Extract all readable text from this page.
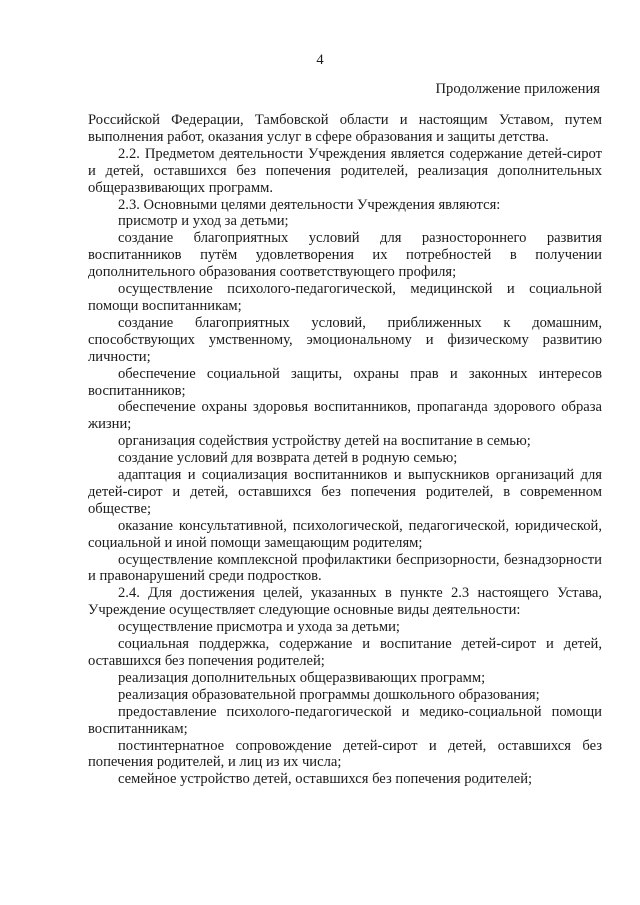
4
Продолжение приложения

Российской Федерации, Тамбовской области и настоящим Уставом, путем выполнения работ, оказания услуг в сфере образования и защиты детства.

2.2. Предметом деятельности Учреждения является содержание детей-сирот и детей, оставшихся без попечения родителей, реализация дополнительных общеразвивающих программ.

2.3. Основными целями деятельности Учреждения являются:

присмотр и уход за детьми;

создание благоприятных условий для разностороннего развития воспитанников путём удовлетворения их потребностей в получении дополнительного образования соответствующего профиля;

осуществление психолого-педагогической, медицинской и социальной помощи воспитанникам;

создание благоприятных условий, приближенных к домашним, способствующих умственному, эмоциональному и физическому развитию личности;

обеспечение социальной защиты, охраны прав и законных интересов воспитанников;

обеспечение охраны здоровья воспитанников, пропаганда здорового образа жизни;

организация содействия устройству детей на воспитание в семью;

создание условий для возврата детей в родную семью;

адаптация и социализация воспитанников и выпускников организаций для детей-сирот и детей, оставшихся без попечения родителей, в современном обществе;

оказание консультативной, психологической, педагогической, юридической, социальной и иной помощи замещающим родителям;

осуществление комплексной профилактики беспризорности, безнадзорности и правонарушений среди подростков.

2.4. Для достижения целей, указанных в пункте 2.3 настоящего Устава, Учреждение осуществляет следующие основные виды деятельности:

осуществление присмотра и ухода за детьми;

социальная поддержка, содержание и воспитание детей-сирот и детей, оставшихся без попечения родителей;

реализация дополнительных общеразвивающих программ;

реализация образовательной программы дошкольного образования;

предоставление психолого-педагогической и медико-социальной помощи воспитанникам;

постинтернатное сопровождение детей-сирот и детей, оставшихся без попечения родителей, и лиц из их числа;

семейное устройство детей, оставшихся без попечения родителей;
